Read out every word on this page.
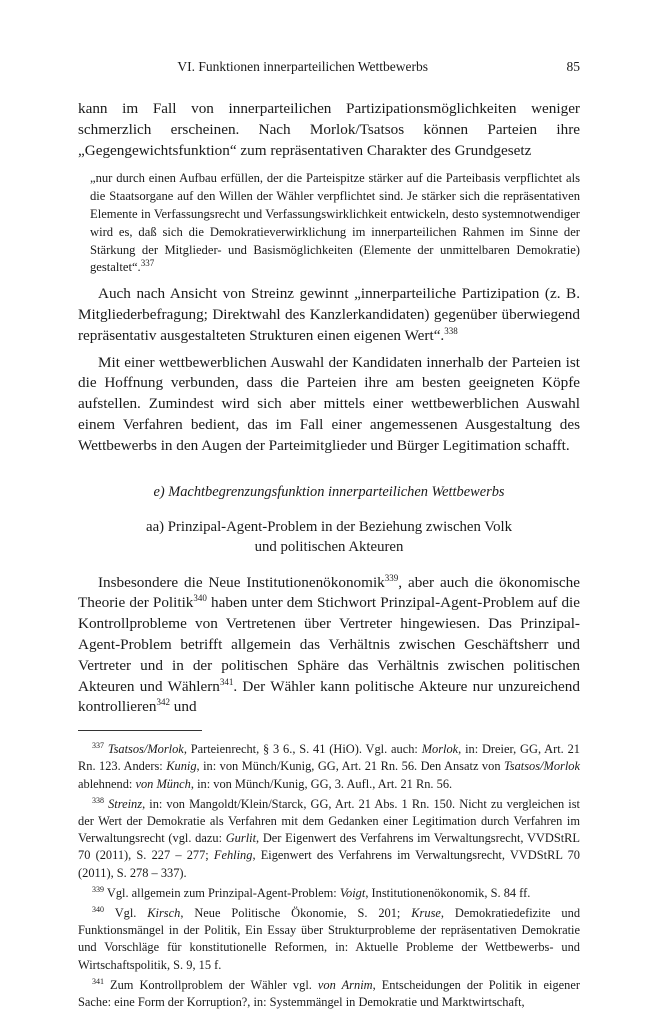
VI. Funktionen innerparteilichen Wettbewerbs	85

kann im Fall von innerparteilichen Partizipationsmöglichkeiten weniger schmerzlich erscheinen. Nach Morlok/Tsatsos können Parteien ihre „Gegengewichtsfunktion“ zum repräsentativen Charakter des Grundgesetz

„nur durch einen Aufbau erfüllen, der die Parteispitze stärker auf die Parteibasis verpflichtet als die Staatsorgane auf den Willen der Wähler verpflichtet sind. Je stärker sich die repräsentativen Elemente in Verfassungsrecht und Verfassungswirklichkeit entwickeln, desto systemnotwendiger wird es, daß sich die Demokratieverwirklichung im innerparteilichen Rahmen im Sinne der Stärkung der Mitglieder- und Basismöglichkeiten (Elemente der unmittelbaren Demokratie) gestaltet“.$^{337}$

Auch nach Ansicht von Streinz gewinnt „innerparteiliche Partizipation (z. B. Mitgliederbefragung; Direktwahl des Kanzlerkandidaten) gegenüber überwiegend repräsentativ ausgestalteten Strukturen einen eigenen Wert“.$^{338}$

Mit einer wettbewerblichen Auswahl der Kandidaten innerhalb der Parteien ist die Hoffnung verbunden, dass die Parteien ihre am besten geeigneten Köpfe aufstellen. Zumindest wird sich aber mittels einer wettbewerblichen Auswahl einem Verfahren bedient, das im Fall einer angemessenen Ausgestaltung des Wettbewerbs in den Augen der Parteimitglieder und Bürger Legitimation schafft.

e) Machtbegrenzungsfunktion innerparteilichen Wettbewerbs
aa) Prinzipal-Agent-Problem in der Beziehung zwischen Volk
und politischen Akteuren

Insbesondere die Neue Institutionenökonomik$^{339}$, aber auch die ökonomische Theorie der Politik$^{340}$ haben unter dem Stichwort Prinzipal-Agent-Problem auf die Kontrollprobleme von Vertretenen über Vertreter hingewiesen. Das Prinzipal-Agent-Problem betrifft allgemein das Verhältnis zwischen Geschäftsherr und Vertreter und in der politischen Sphäre das Verhältnis zwischen politischen Akteuren und Wählern$^{341}$. Der Wähler kann politische Akteure nur unzureichend kontrollieren$^{342}$ und

$^{337}$ Tsatsos/Morlok, Parteienrecht, § 3 6., S. 41 (HiO). Vgl. auch: Morlok, in: Dreier, GG, Art. 21 Rn. 123. Anders: Kunig, in: von Münch/Kunig, GG, Art. 21 Rn. 56. Den Ansatz von Tsatsos/Morlok ablehnend: von Münch, in: von Münch/Kunig, GG, 3. Aufl., Art. 21 Rn. 56.

$^{338}$ Streinz, in: von Mangoldt/Klein/Starck, GG, Art. 21 Abs. 1 Rn. 150. Nicht zu vergleichen ist der Wert der Demokratie als Verfahren mit dem Gedanken einer Legitimation durch Verfahren im Verwaltungsrecht (vgl. dazu: Gurlit, Der Eigenwert des Verfahrens im Verwaltungsrecht, VVDStRL 70 (2011), S. 227 – 277; Fehling, Eigenwert des Verfahrens im Verwaltungsrecht, VVDStRL 70 (2011), S. 278 – 337).

$^{339}$ Vgl. allgemein zum Prinzipal-Agent-Problem: Voigt, Institutionenökonomik, S. 84 ff.

$^{340}$ Vgl. Kirsch, Neue Politische Ökonomie, S. 201; Kruse, Demokratiedefizite und Funktionsmängel in der Politik, Ein Essay über Strukturprobleme der repräsentativen Demokratie und Vorschläge für konstitutionelle Reformen, in: Aktuelle Probleme der Wettbewerbs- und Wirtschaftspolitik, S. 9, 15 f.

$^{341}$ Zum Kontrollproblem der Wähler vgl. von Arnim, Entscheidungen der Politik in eigener Sache: eine Form der Korruption?, in: Systemmängel in Demokratie und Marktwirtschaft,
